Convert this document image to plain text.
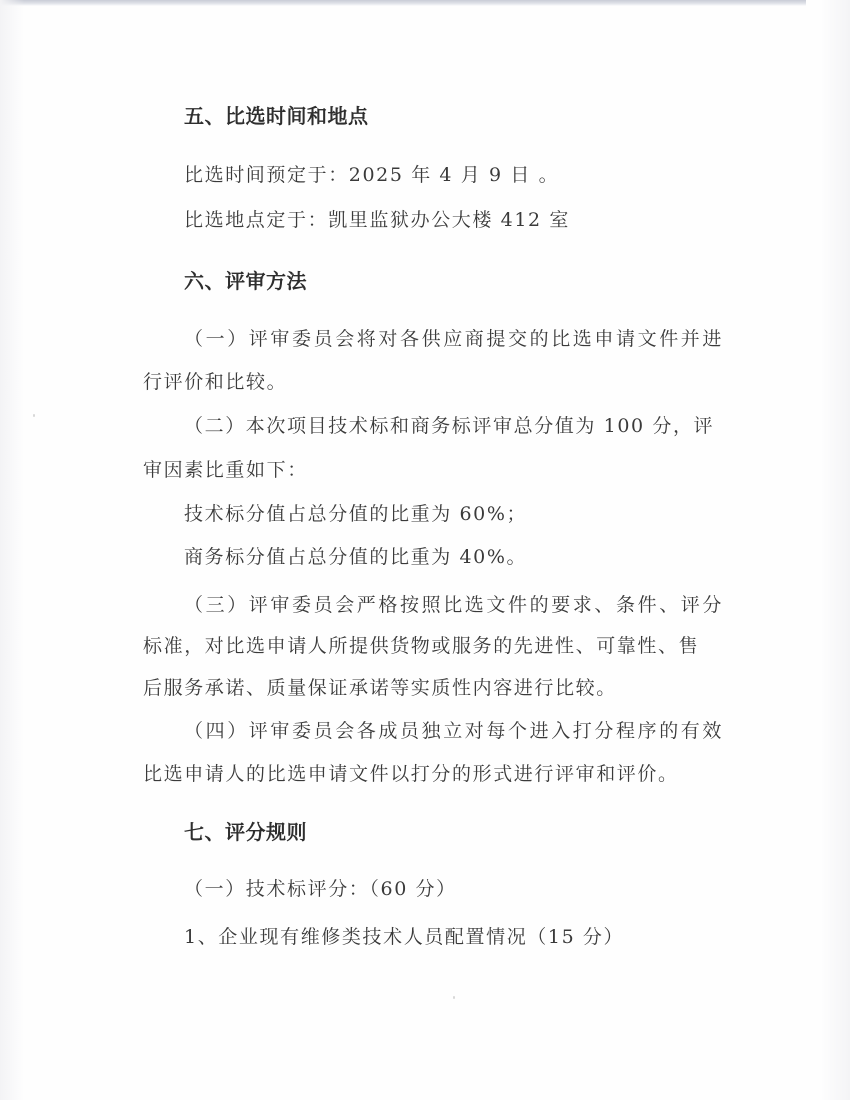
五、比选时间和地点
比选时间预定于：2025 年 4 月 9 日 。
比选地点定于：凯里监狱办公大楼 412 室
六、评审方法
（一）评审委员会将对各供应商提交的比选申请文件并进
行评价和比较。
（二）本次项目技术标和商务标评审总分值为 100 分，评
审因素比重如下：
技术标分值占总分值的比重为 60%；
商务标分值占总分值的比重为 40%。
（三）评审委员会严格按照比选文件的要求、条件、评分
标准，对比选申请人所提供货物或服务的先进性、可靠性、售
后服务承诺、质量保证承诺等实质性内容进行比较。
（四）评审委员会各成员独立对每个进入打分程序的有效
比选申请人的比选申请文件以打分的形式进行评审和评价。
七、评分规则
（一）技术标评分：（60 分）
1、企业现有维修类技术人员配置情况（15 分）
